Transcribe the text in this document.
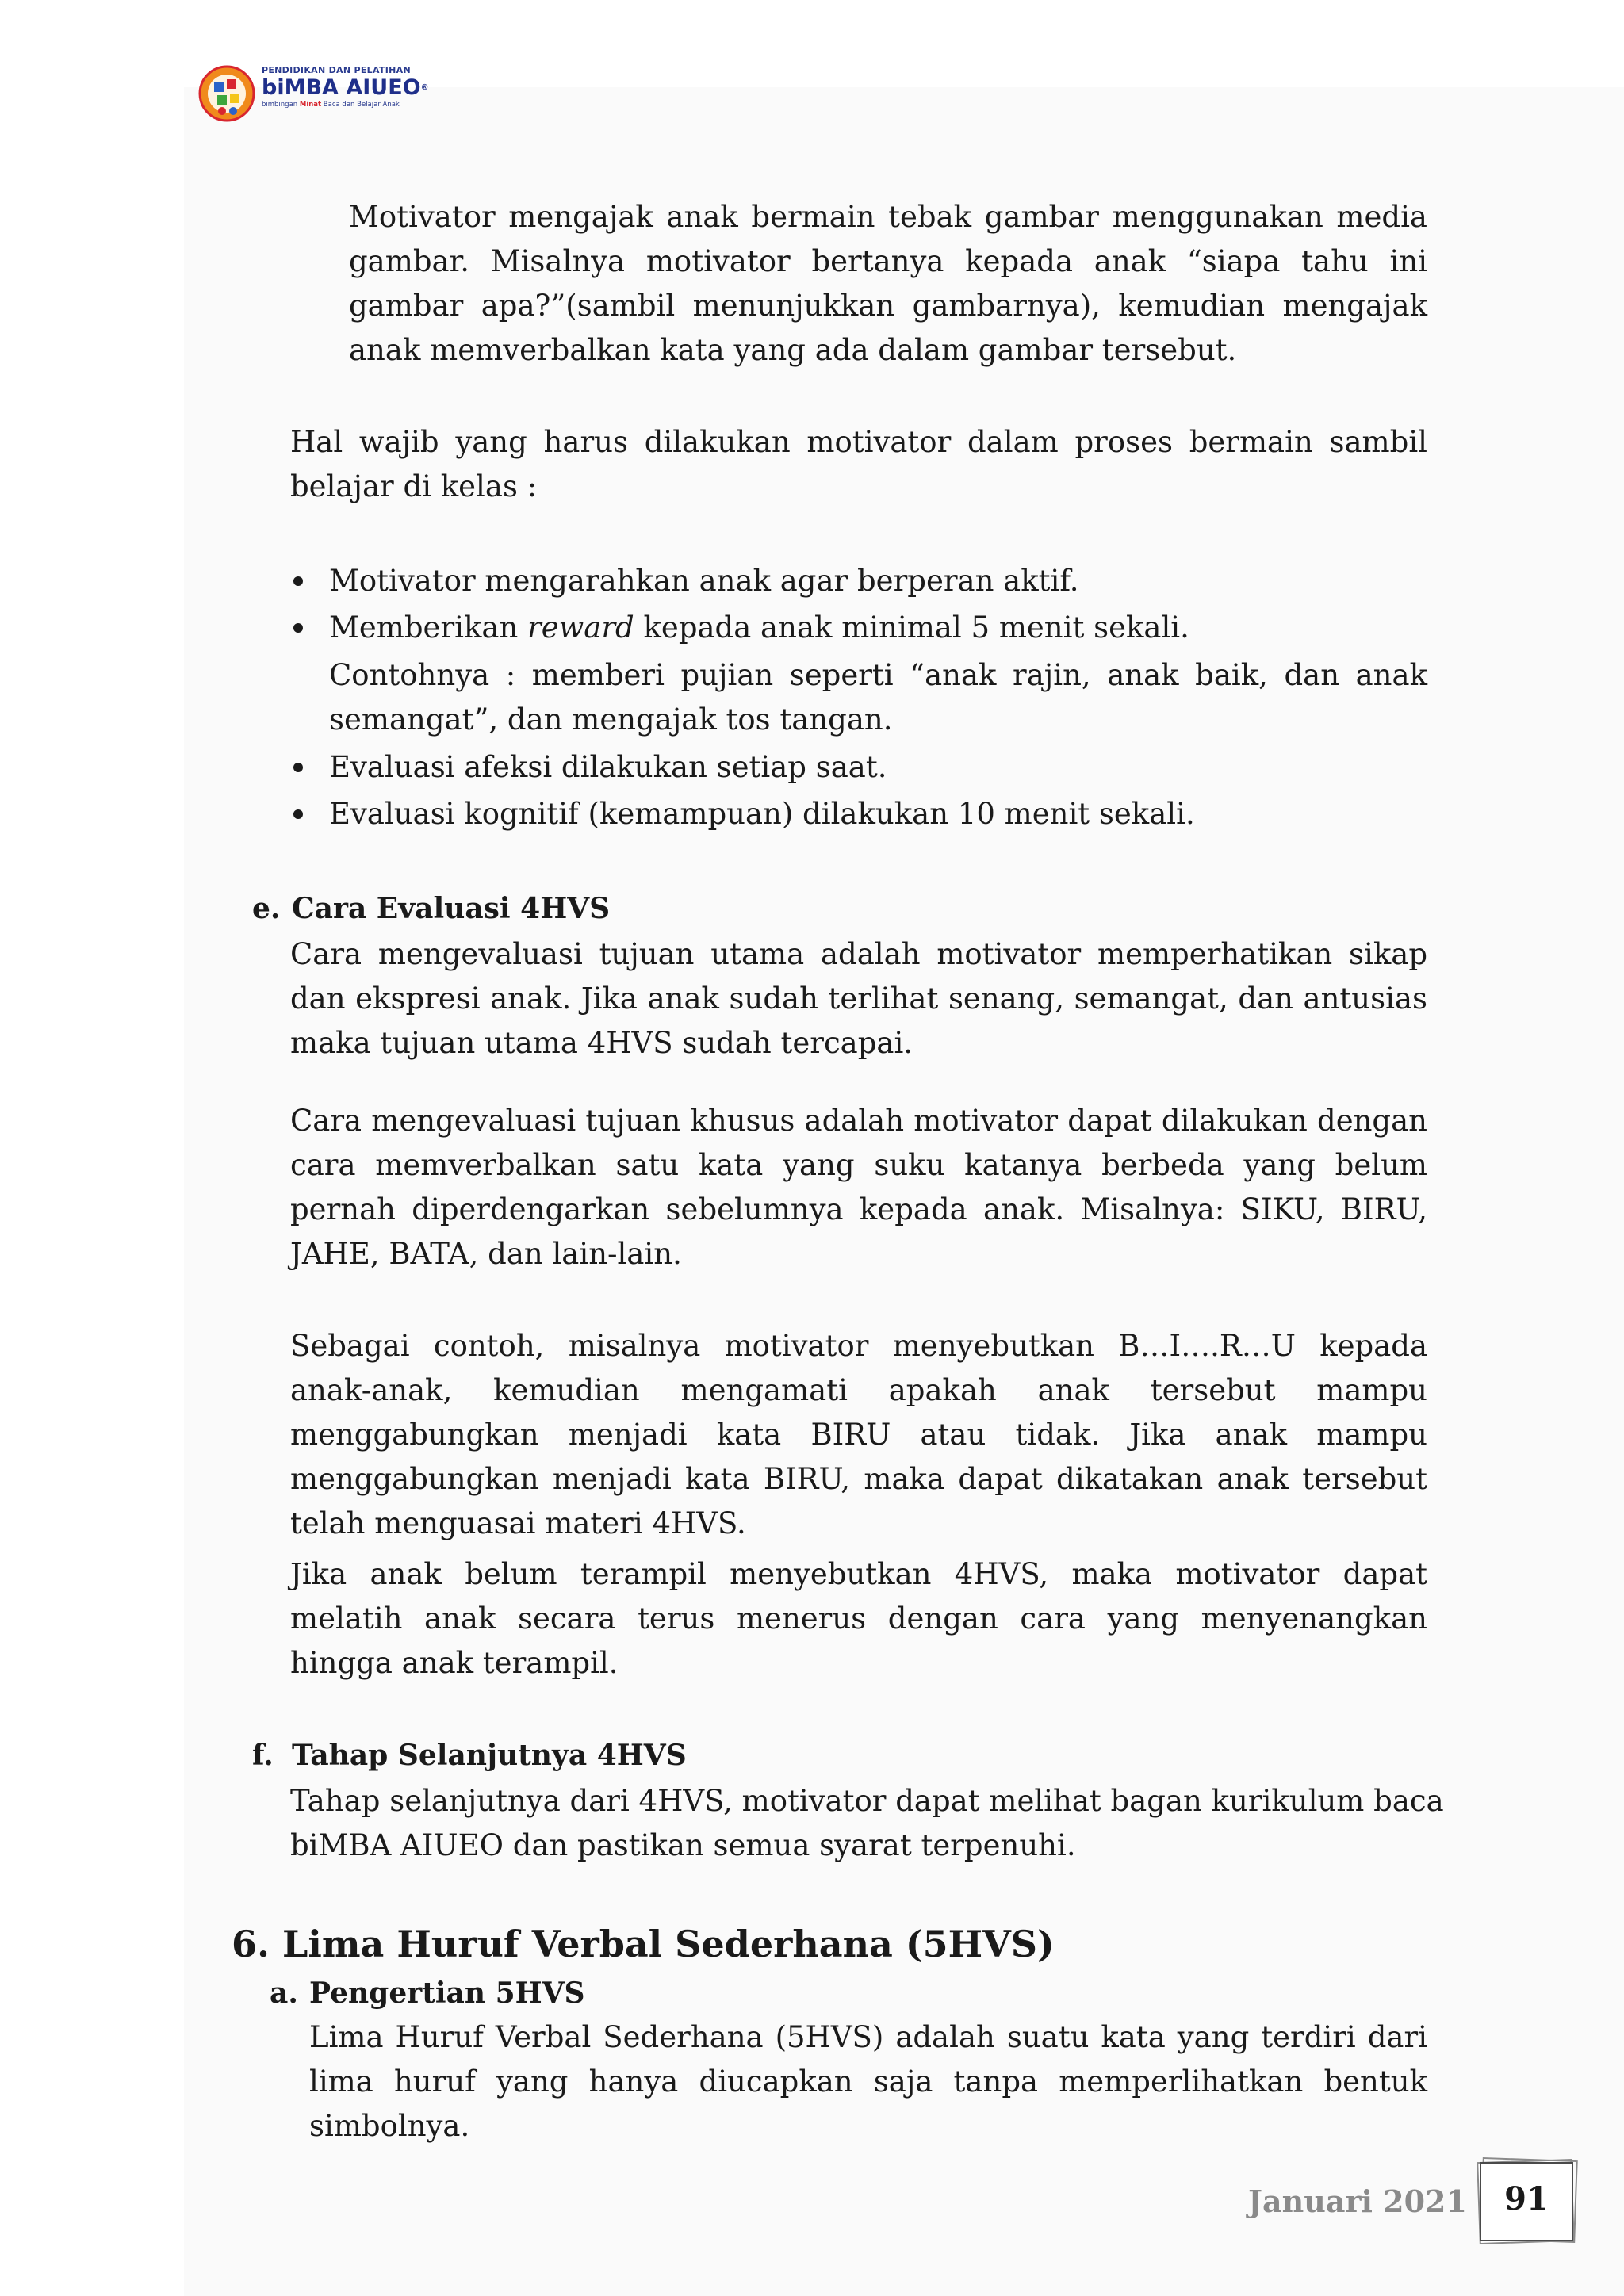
PENDIDIKAN DAN PELATIHAN
biMBA AIUEO®
bimbingan Minat Baca dan Belajar Anak

Motivator mengajak anak bermain tebak gambar menggunakan media gambar. Misalnya motivator bertanya kepada anak “siapa tahu ini gambar apa?”(sambil menunjukkan gambarnya), kemudian mengajak anak memverbalkan kata yang ada dalam gambar tersebut.

Hal wajib yang harus dilakukan motivator dalam proses bermain sambil belajar di kelas :

Motivator mengarahkan anak agar berperan aktif.

Memberikan reward kepada anak minimal 5 menit sekali.

Contohnya : memberi pujian seperti “anak rajin, anak baik, dan anak semangat”, dan mengajak tos tangan.

Evaluasi afeksi dilakukan setiap saat.

Evaluasi kognitif (kemampuan) dilakukan 10 menit sekali.

e. Cara Evaluasi 4HVS

Cara mengevaluasi tujuan utama adalah motivator memperhatikan sikap dan ekspresi anak. Jika anak sudah terlihat senang, semangat, dan antusias maka tujuan utama 4HVS sudah tercapai.

Cara mengevaluasi tujuan khusus adalah motivator dapat dilakukan dengan cara memverbalkan satu kata yang suku katanya berbeda yang belum pernah diperdengarkan sebelumnya kepada anak. Misalnya: SIKU, BIRU, JAHE, BATA, dan lain-lain.

Sebagai contoh, misalnya motivator menyebutkan B…I….R…U kepada anak-anak, kemudian mengamati apakah anak tersebut mampu menggabungkan menjadi kata BIRU atau tidak. Jika anak mampu menggabungkan menjadi kata BIRU, maka dapat dikatakan anak tersebut telah menguasai materi 4HVS.

Jika anak belum terampil menyebutkan 4HVS, maka motivator dapat melatih anak secara terus menerus dengan cara yang menyenangkan hingga anak terampil.

f. Tahap Selanjutnya 4HVS

Tahap selanjutnya dari 4HVS, motivator dapat melihat bagan kurikulum baca

biMBA AIUEO dan pastikan semua syarat terpenuhi.

6. Lima Huruf Verbal Sederhana (5HVS)
a. Pengertian 5HVS

Lima Huruf Verbal Sederhana (5HVS) adalah suatu kata yang terdiri dari lima huruf yang hanya diucapkan saja tanpa memperlihatkan bentuk simbolnya.

Januari 2021	91
